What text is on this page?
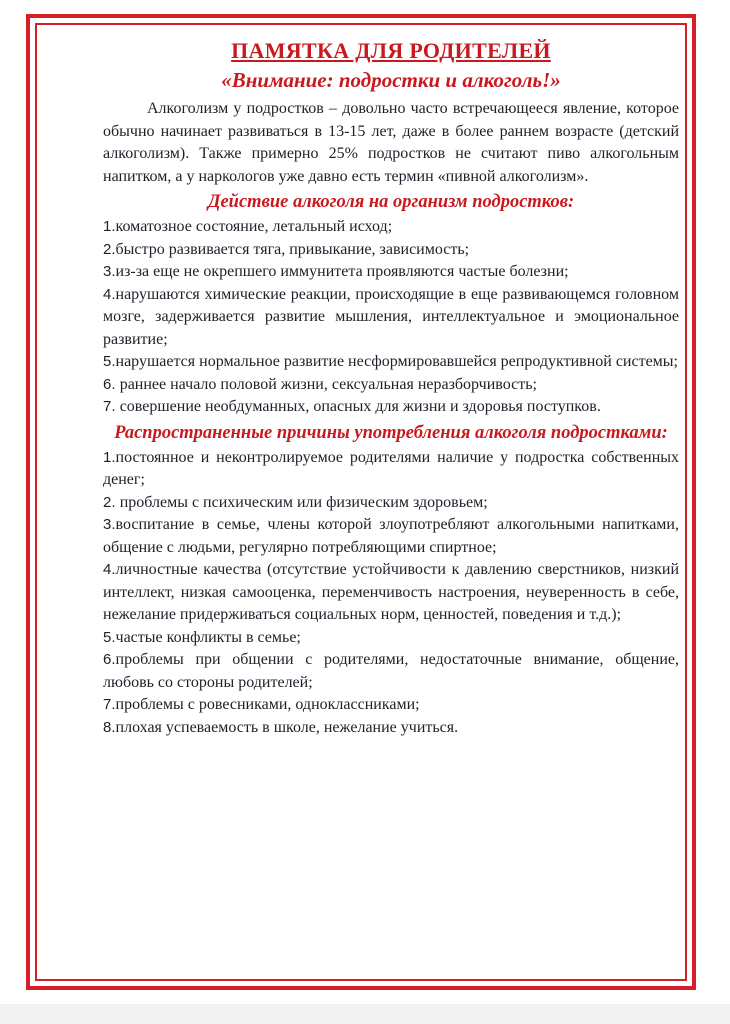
ПАМЯТКА ДЛЯ РОДИТЕЛЕЙ
«Внимание: подростки и алкоголь!»

Алкоголизм у подростков – довольно часто встречающееся явление, которое обычно начинает развиваться в 13-15 лет, даже в более раннем возрасте (детский алкоголизм). Также примерно 25% подростков не считают пиво алкогольным напитком, а у наркологов уже давно есть термин «пивной алкоголизм».

Действие алкоголя на организм подростков:
1.коматозное состояние, летальный исход;
2.быстро развивается тяга, привыкание, зависимость;
3.из-за еще не окрепшего иммунитета проявляются частые болезни;
4.нарушаются химические реакции, происходящие в еще развивающемся головном мозге, задерживается развитие мышления, интеллектуальное и эмоциональное развитие;
5.нарушается нормальное развитие несформировавшейся репродуктивной системы;
6. раннее начало половой жизни, сексуальная неразборчивость;
7. совершение необдуманных, опасных для жизни и здоровья поступков.
Распространенные причины употребления алкоголя подростками:
1.постоянное и неконтролируемое родителями наличие у подростка собственных денег;
2. проблемы с психическим или физическим здоровьем;
3.воспитание в семье, члены которой злоупотребляют алкогольными напитками, общение с людьми, регулярно потребляющими спиртное;
4.личностные качества (отсутствие устойчивости к давлению сверстников, низкий интеллект, низкая самооценка, переменчивость настроения, неуверенность в себе, нежелание придерживаться социальных норм, ценностей, поведения и т.д.);
5.частые конфликты в семье;
6.проблемы при общении с родителями, недостаточные внимание, общение, любовь со стороны родителей;
7.проблемы с ровесниками, одноклассниками;
8.плохая успеваемость в школе, нежелание учиться.
